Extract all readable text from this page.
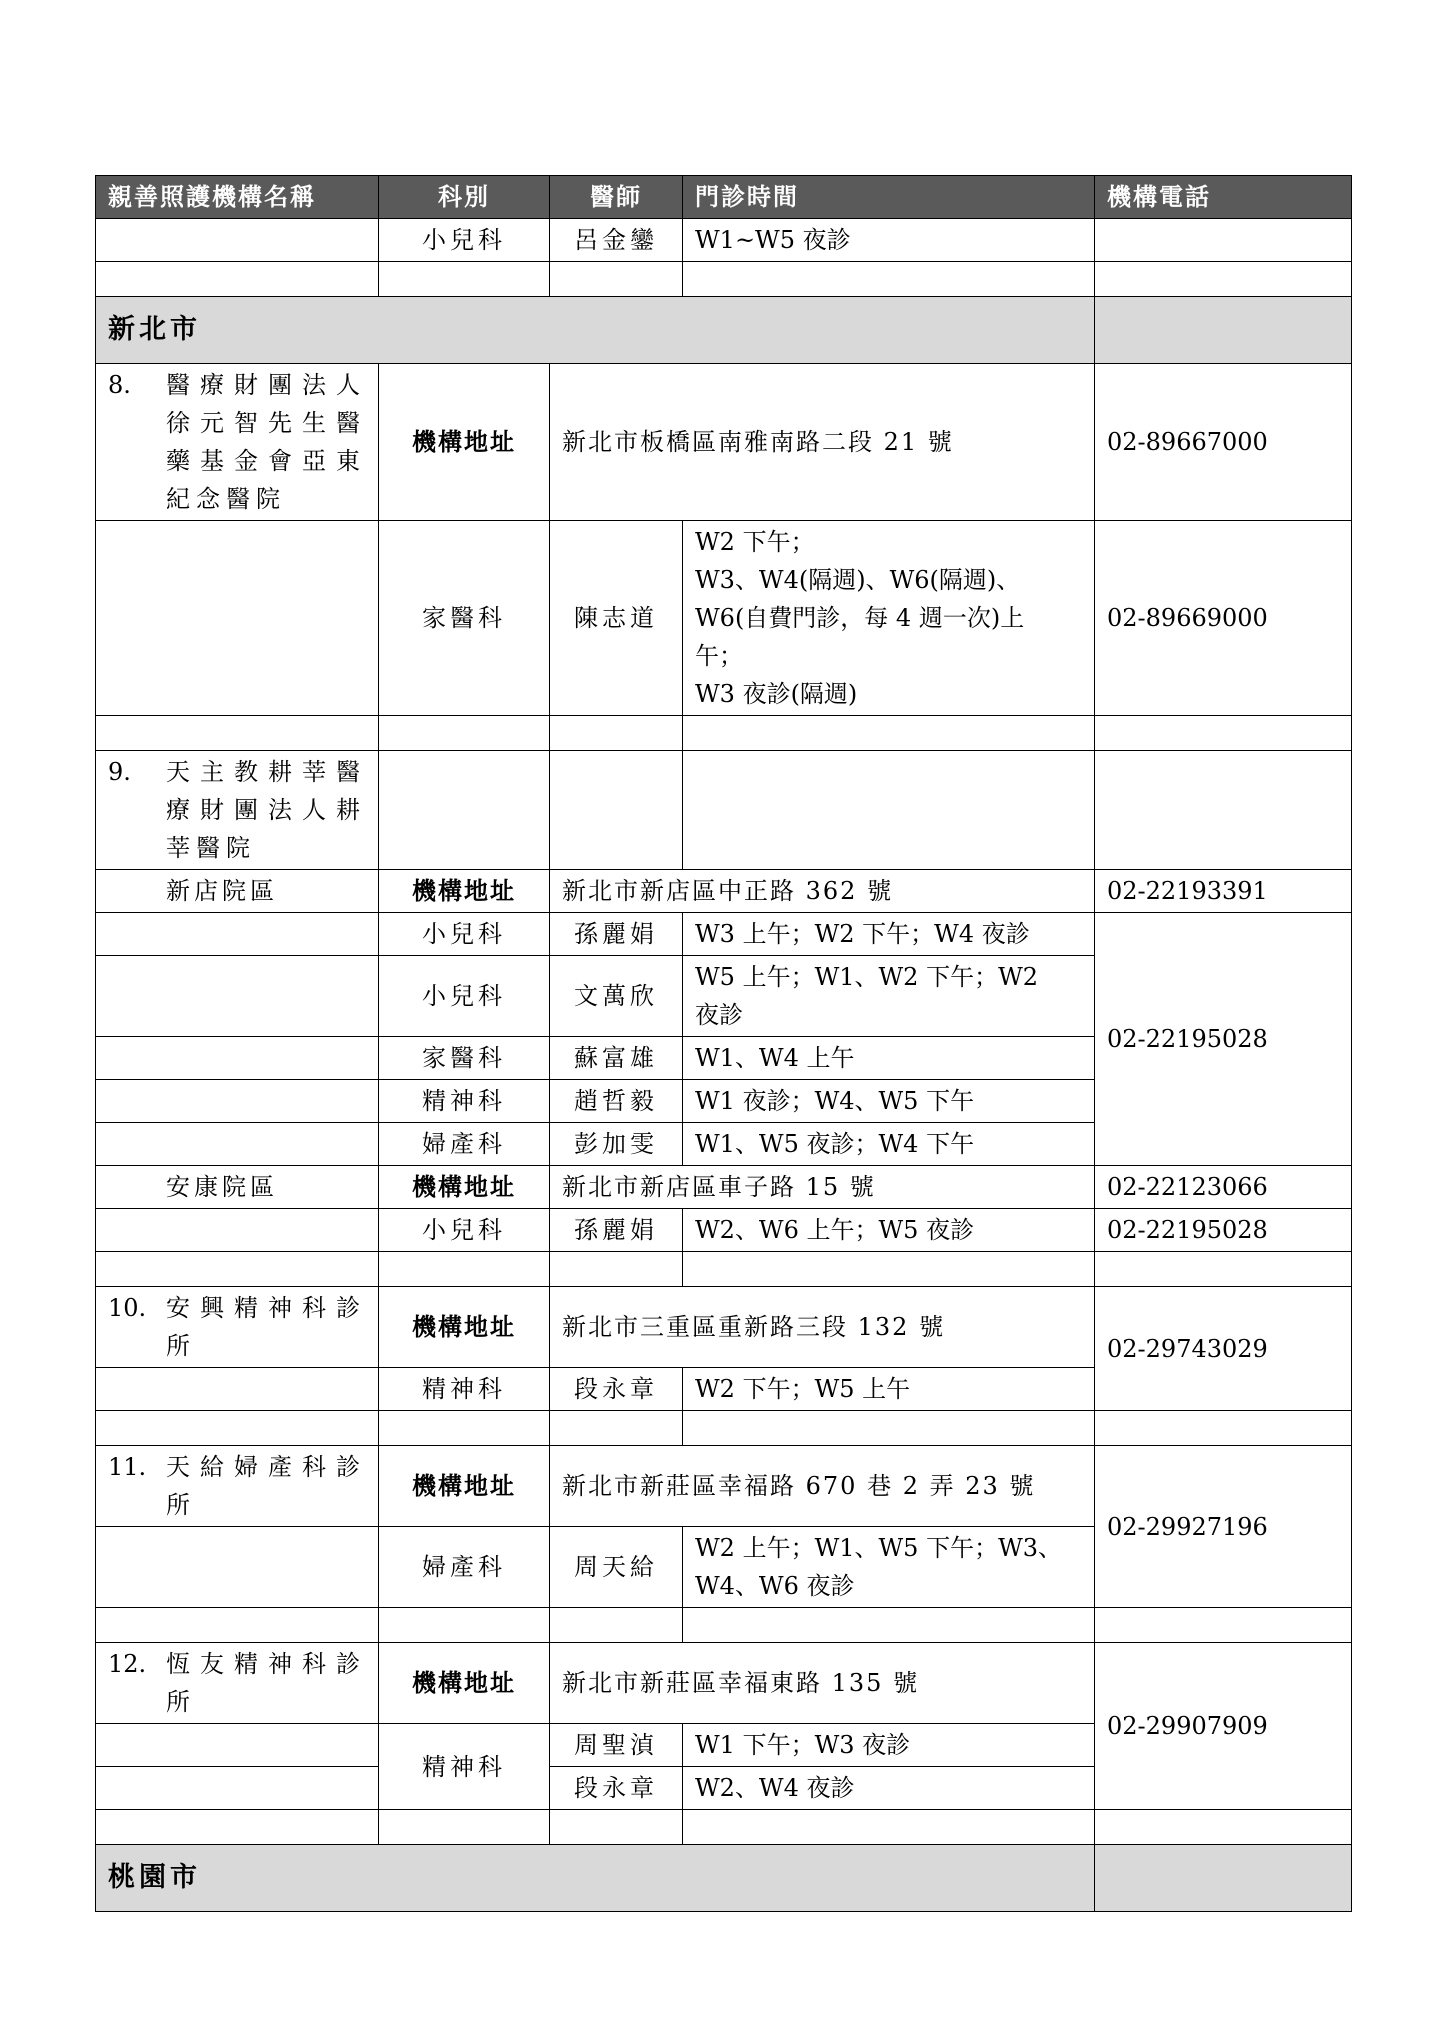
親善照護機構名稱	科別	醫師	門診時間	機構電話
	小兒科	呂金鑾	W1~W5 夜診	

新北市				

8. 醫療財團法人徐元智先生醫藥基金會亞東紀念醫院	機構地址	新北市板橋區南雅南路二段 21 號		02-89667000
	家醫科	陳志道	W2 下午；
W3、W4(隔週)、W6(隔週)、
W6(自費門診，每 4 週一次)上
午；
W3 夜診(隔週)	02-89669000

9. 天主教耕莘醫療財團法人耕莘醫院				

新店院區	機構地址	新北市新店區中正路 362 號		02-22193391
	小兒科	孫麗娟	W3 上午；W2 下午；W4 夜診	02-22195028
	小兒科	文萬欣	W5 上午；W1、W2 下午；W2
夜診	

	家醫科	蘇富雄	W1、W4 上午	
	精神科	趙哲毅	W1 夜診；W4、W5 下午	
	婦產科	彭加雯	W1、W5 夜診；W4 下午	

安康院區	機構地址	新北市新店區車子路 15 號		02-22123066
	小兒科	孫麗娟	W2、W6 上午；W5 夜診	02-22195028

10. 安興精神科診所	機構地址	新北市三重區重新路三段 132 號		02-29743029
	精神科	段永章	W2 下午；W5 上午	

11. 天給婦產科診所	機構地址	新北市新莊區幸福路 670 巷 2 弄 23 號		02-29927196
	婦產科	周天給	W2 上午；W1、W5 下午；W3、
W4、W6 夜診	

12. 恆友精神科診所	機構地址	新北市新莊區幸福東路 135 號		02-29907909
	精神科	周聖湞	W1 下午；W3 夜診	
		段永章	W2、W4 夜診	

桃園市				
